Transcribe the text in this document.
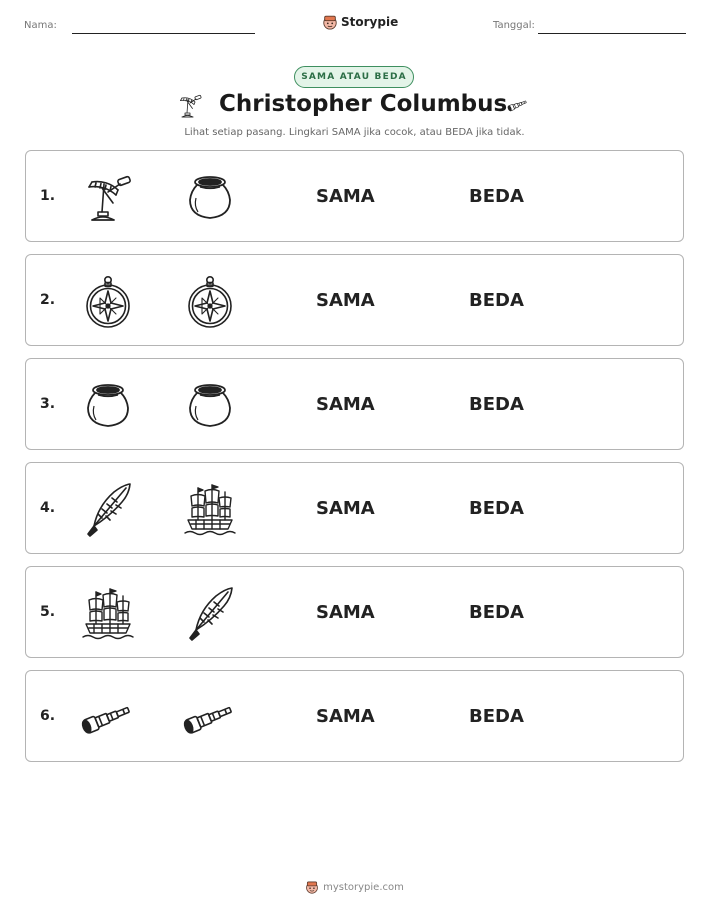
Nama:	Storypie	Tanggal:
SAMA ATAU BEDA
Christopher Columbus
Lihat setiap pasang. Lingkari SAMA jika cocok, atau BEDA jika tidak.
1.	SAMA	BEDA
2.	SAMA	BEDA
3.	SAMA	BEDA
4.	SAMA	BEDA
5.	SAMA	BEDA
6.	SAMA	BEDA
mystorypie.com
